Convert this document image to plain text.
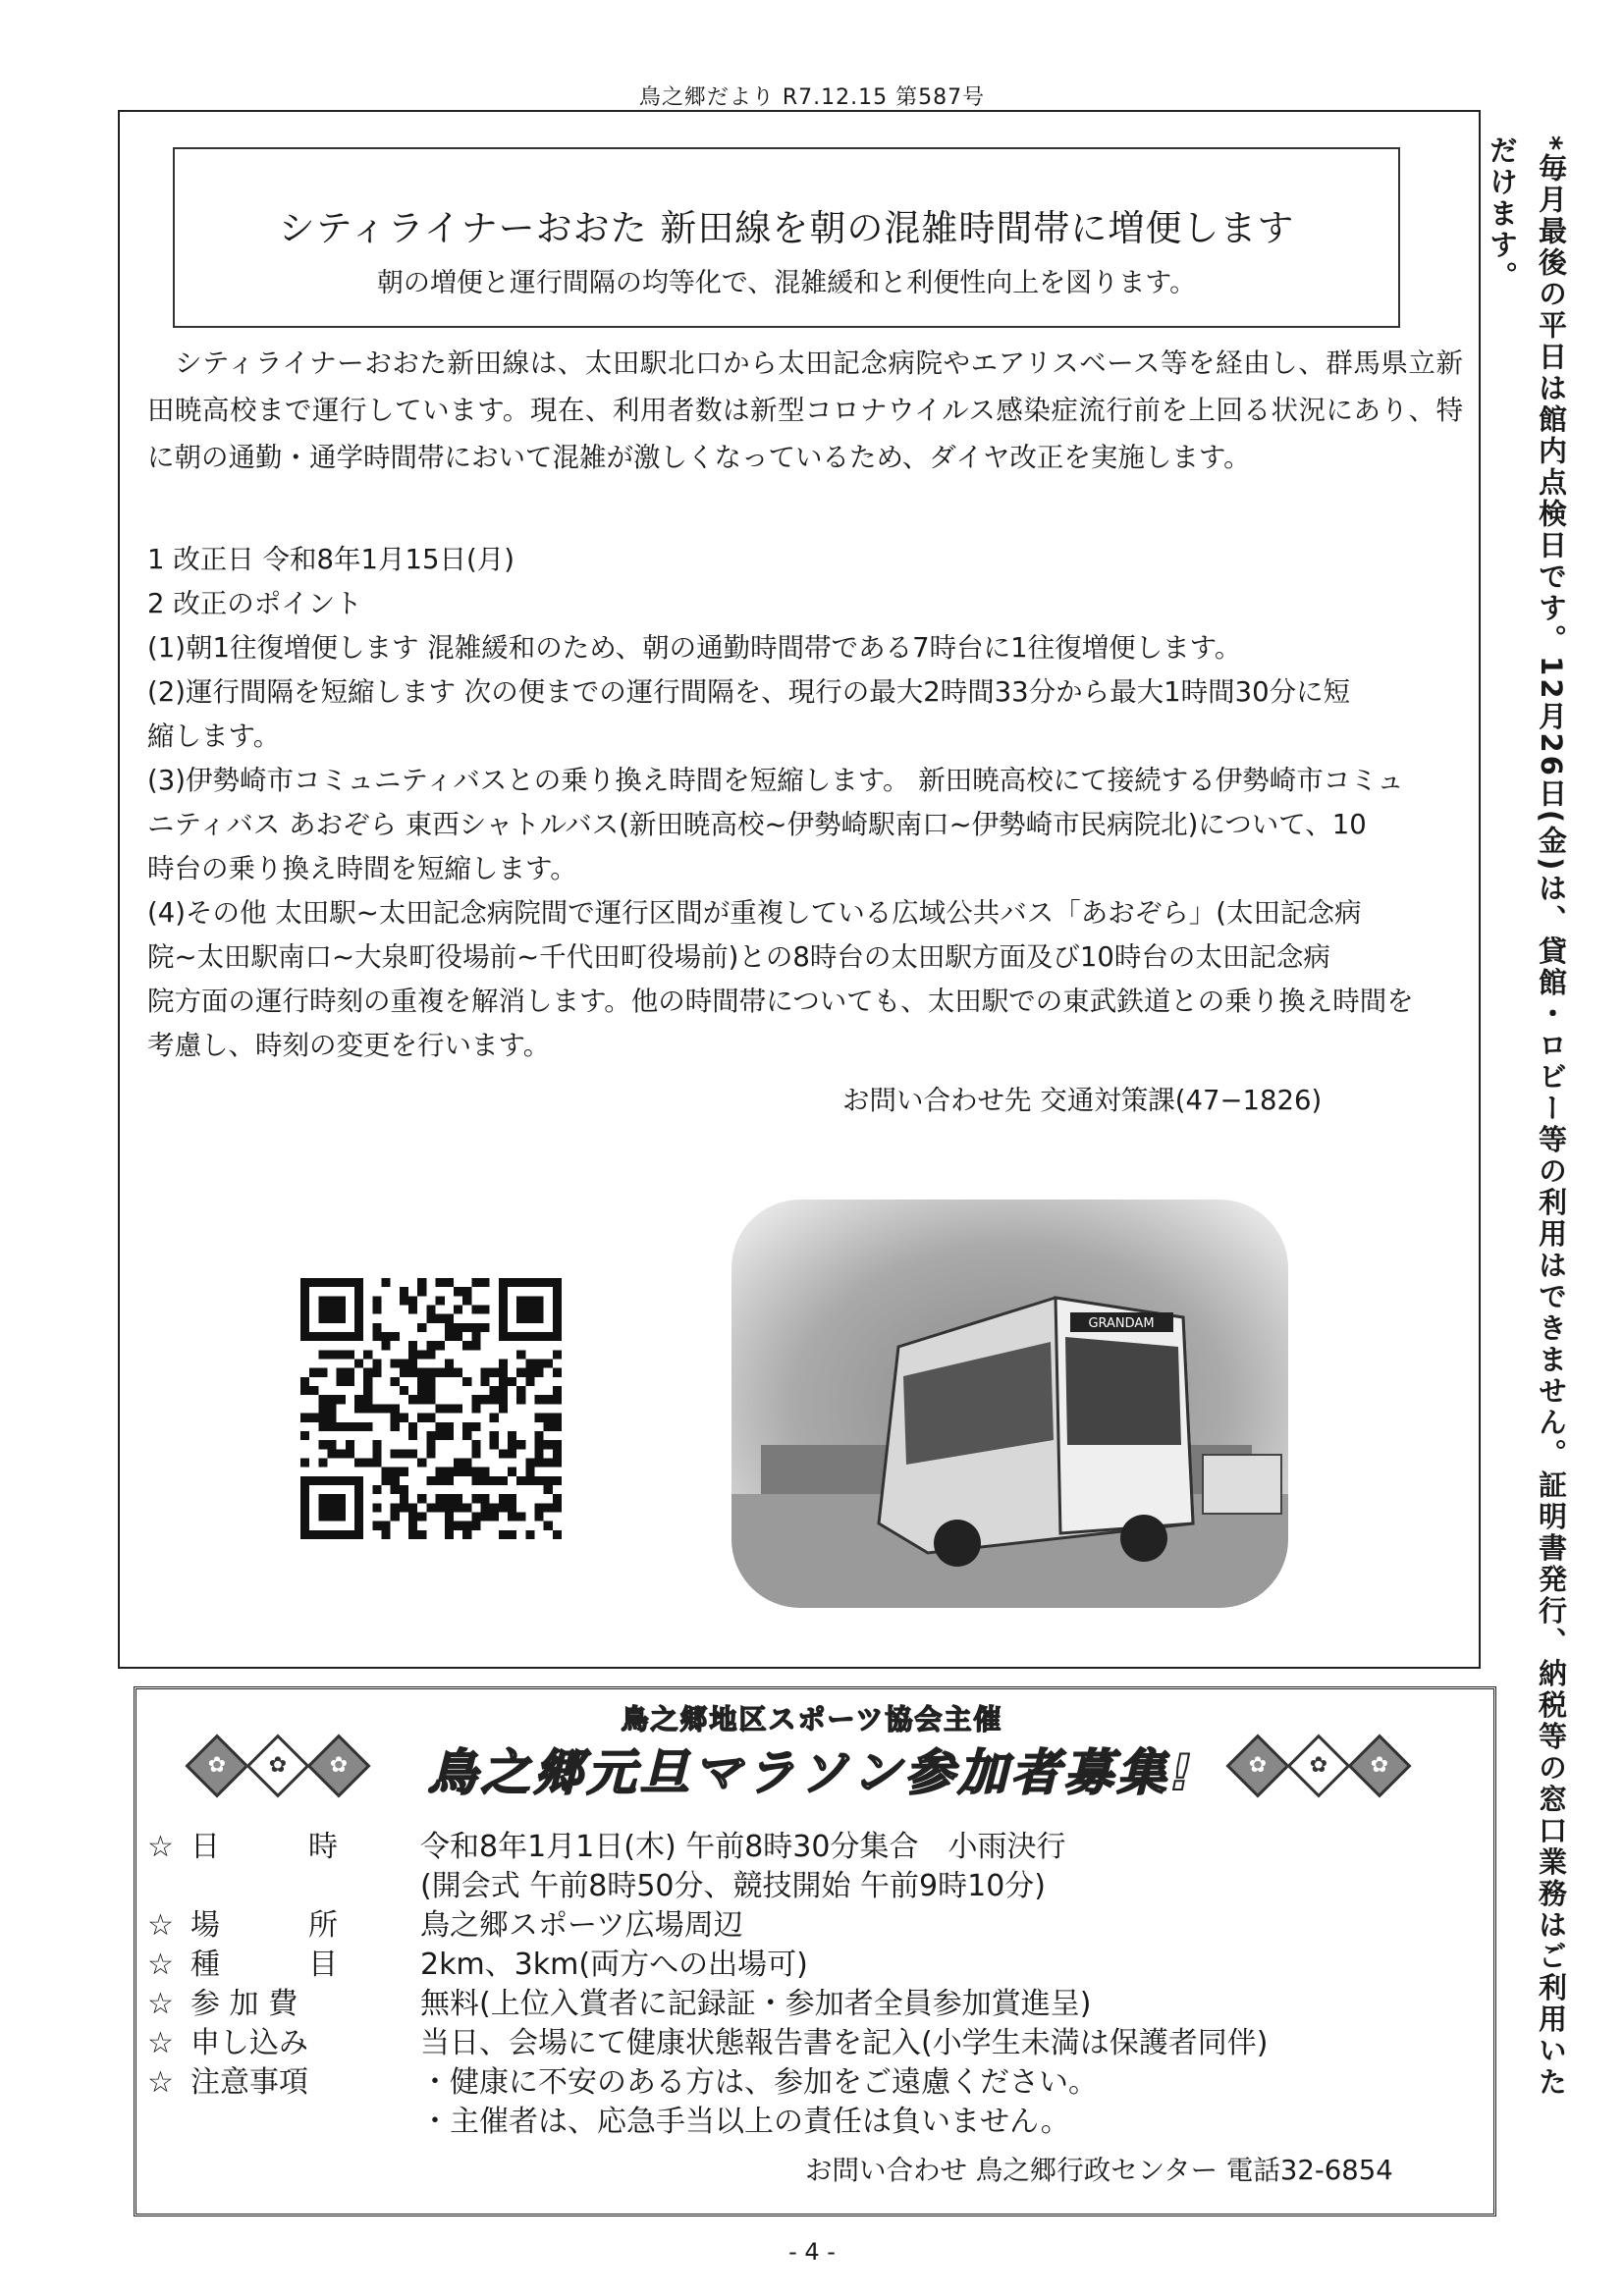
鳥之郷だより R7.12.15 第587号
シティライナーおおた 新田線を朝の混雑時間帯に増便します
朝の増便と運行間隔の均等化で、混雑緩和と利便性向上を図ります。
シティライナーおおた新田線は、太田駅北口から太田記念病院やエアリスベース等を経由し、群馬県立新田暁高校まで運行しています。現在、利用者数は新型コロナウイルス感染症流行前を上回る状況にあり、特に朝の通勤・通学時間帯において混雑が激しくなっているため、ダイヤ改正を実施します。
1 改正日 令和8年1月15日(月)
2 改正のポイント
(1)朝1往復増便します 混雑緩和のため、朝の通勤時間帯である7時台に1往復増便します。
(2)運行間隔を短縮します 次の便までの運行間隔を、現行の最大2時間33分から最大1時間30分に短
縮します。
(3)伊勢崎市コミュニティバスとの乗り換え時間を短縮します。 新田暁高校にて接続する伊勢崎市コミュ
ニティバス あおぞら 東西シャトルバス(新田暁高校~伊勢崎駅南口~伊勢崎市民病院北)について、10
時台の乗り換え時間を短縮します。
(4)その他 太田駅~太田記念病院間で運行区間が重複している広域公共バス「あおぞら」(太田記念病
院~太田駅南口~大泉町役場前~千代田町役場前)との8時台の太田駅方面及び10時台の太田記念病
院方面の運行時刻の重複を解消します。他の時間帯についても、太田駅での東武鉄道との乗り換え時間を
考慮し、時刻の変更を行います。
お問い合わせ先 交通対策課(47−1826)
GRANDAM
鳥之郷地区スポーツ協会主催
鳥之郷元旦マラソン参加者募集!
✿	✿	✿	✿	✿	✿
☆ 日　　　時	令和8年1月1日(木) 午前8時30分集合　小雨決行
(開会式 午前8時50分、競技開始 午前9時10分)
☆ 場　　　所	鳥之郷スポーツ広場周辺
☆ 種　　　目	2km、3km(両方への出場可)
☆ 参 加 費	無料(上位入賞者に記録証・参加者全員参加賞進呈)
☆ 申し込み	当日、会場にて健康状態報告書を記入(小学生未満は保護者同伴)
☆ 注意事項	・健康に不安のある方は、参加をご遠慮ください。
・主催者は、応急手当以上の責任は負いません。
お問い合わせ 鳥之郷行政センター 電話32-6854
- 4 -
*毎月最後の平日は館内点検日です。12月26日(金)は、貸館・ロビー等の利用はできません。証明書発行、納税等の窓口業務はご利用いただけます。
